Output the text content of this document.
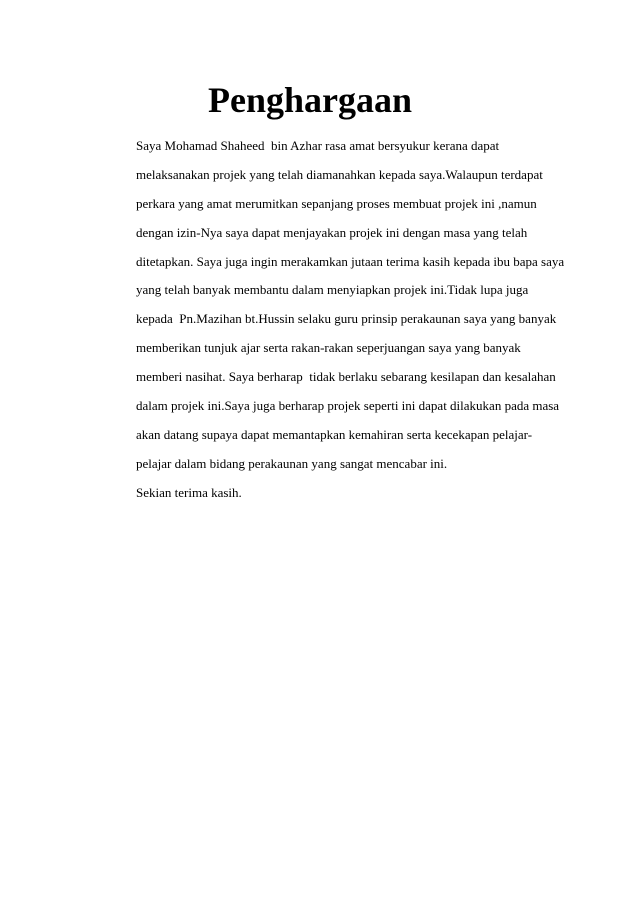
Penghargaan
Saya Mohamad Shaheed  bin Azhar rasa amat bersyukur kerana dapat
melaksanakan projek yang telah diamanahkan kepada saya.Walaupun terdapat
perkara yang amat merumitkan sepanjang proses membuat projek ini ,namun
dengan izin-Nya saya dapat menjayakan projek ini dengan masa yang telah
ditetapkan. Saya juga ingin merakamkan jutaan terima kasih kepada ibu bapa saya
yang telah banyak membantu dalam menyiapkan projek ini.Tidak lupa juga
kepada  Pn.Mazihan bt.Hussin selaku guru prinsip perakaunan saya yang banyak
memberikan tunjuk ajar serta rakan-rakan seperjuangan saya yang banyak
memberi nasihat. Saya berharap  tidak berlaku sebarang kesilapan dan kesalahan
dalam projek ini.Saya juga berharap projek seperti ini dapat dilakukan pada masa
akan datang supaya dapat memantapkan kemahiran serta kecekapan pelajar-
pelajar dalam bidang perakaunan yang sangat mencabar ini.
Sekian terima kasih.
